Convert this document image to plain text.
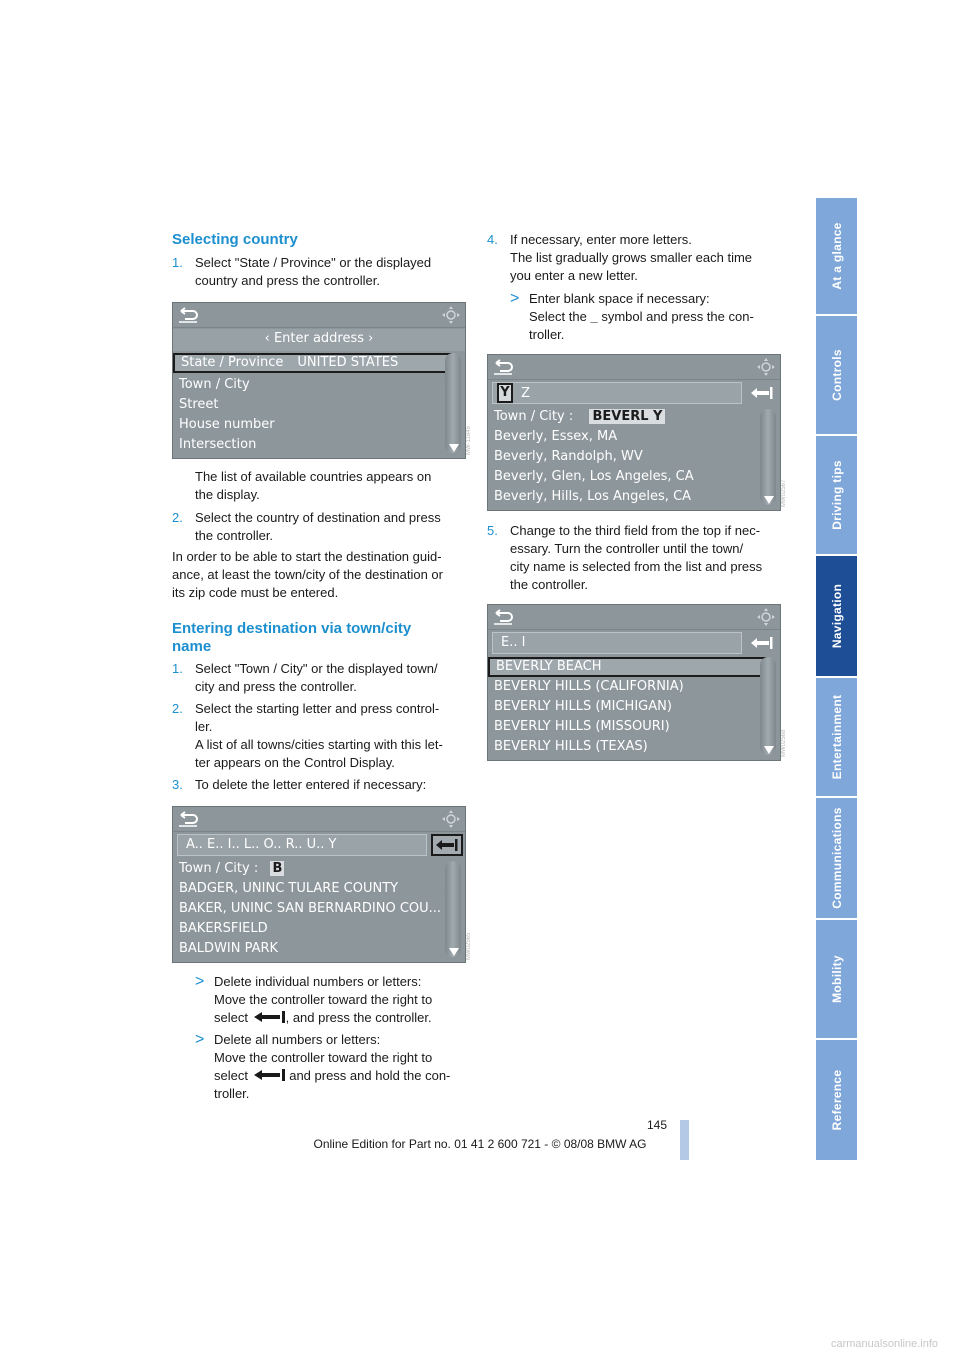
Selecting country
1. Select "State / Province" or the displayed
country and press the controller.
‹ Enter address ›
State / Province UNITED STATES
Town / City
Street
House number
Intersection	MW-11845
The list of available countries appears on
the display.
2. Select the country of destination and press
the controller.
In order to be able to start the destination guid-
ance, at least the town/city of the destination or
its zip code must be entered.
Entering destination via town/city
name
1. Select "Town / City" or the displayed town/
city and press the controller.
2. Select the starting letter and press control-
ler.
A list of all towns/cities starting with this let-
ter appears on the Control Display.
3. To delete the letter entered if necessary:
A.. E.. I.. L.. O.. R.. U.. Y
Town / City : B
BADGER, UNINC TULARE COUNTY
BAKER, UNINC SAN BERNARDINO COU...
BAKERSFIELD
BALDWIN PARK	MW02565
> Delete individual numbers or letters:
Move the controller toward the right to
select	, and press the controller.
> Delete all numbers or letters:
Move the controller toward the right to
select	and press and hold the con-
troller.
4. If necessary, enter more letters.
The list gradually grows smaller each time
you enter a new letter.
> Enter blank space if necessary:
Select the _ symbol and press the con-
troller.
Y Z
Town / City : BEVERL Y
Beverly, Essex, MA
Beverly, Randolph, WV
Beverly, Glen, Los Angeles, CA
Beverly, Hills, Los Angeles, CA	MW02567
5. Change to the third field from the top if nec-
essary. Turn the controller until the town/
city name is selected from the list and press
the controller.
E.. I
BEVERLY BEACH
BEVERLY HILLS (CALIFORNIA)
BEVERLY HILLS (MICHIGAN)
BEVERLY HILLS (MISSOURI)
BEVERLY HILLS (TEXAS)	MW02568
At a glance
Controls
Driving tips
Navigation
Entertainment
Communications
Mobility
Reference
145
Online Edition for Part no. 01 41 2 600 721 - © 08/08 BMW AG
carmanualsonline.info
